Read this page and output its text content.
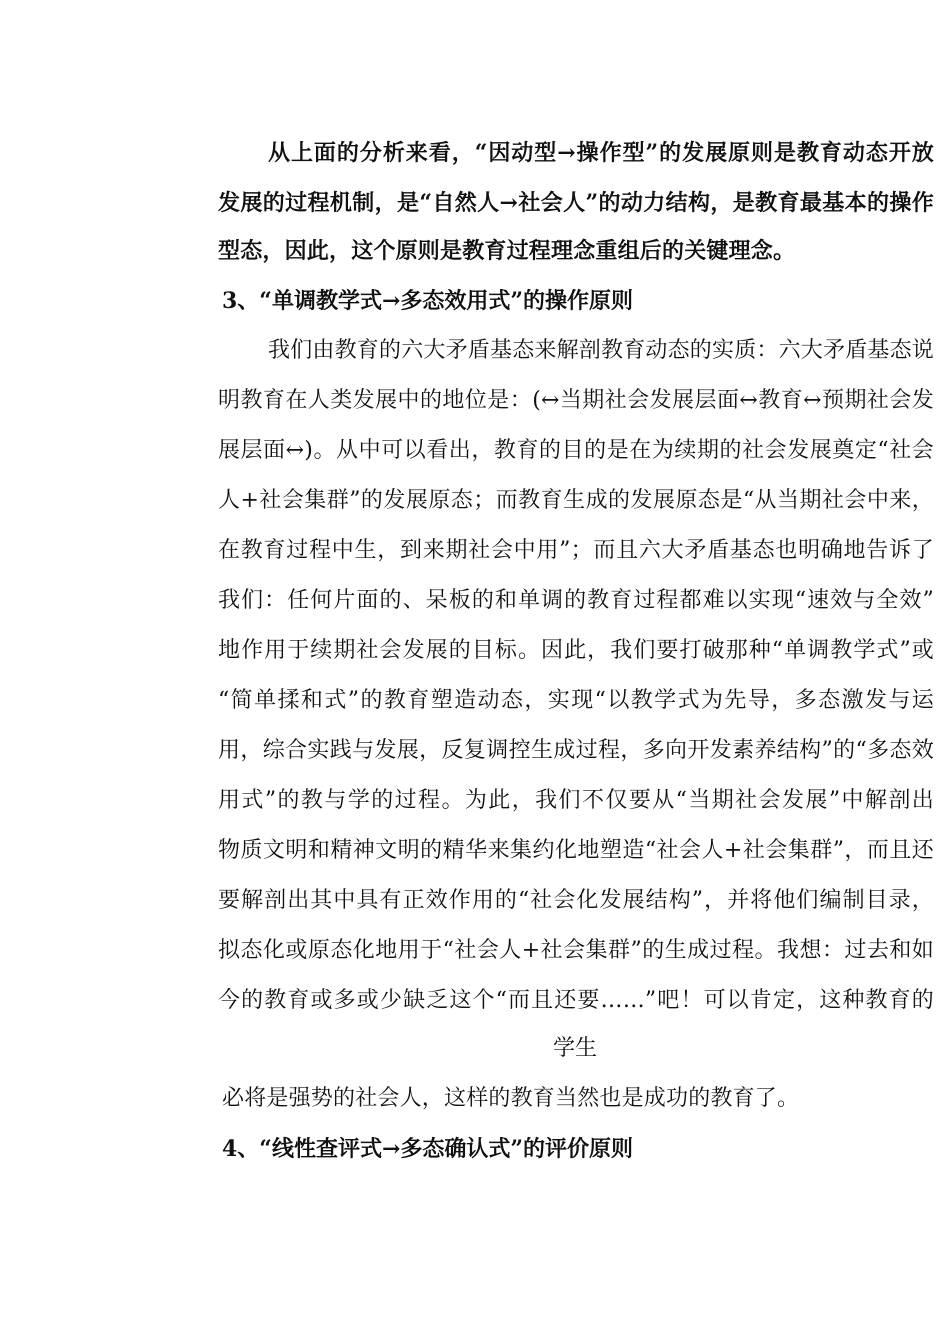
从上面的分析来看，“因动型→操作型”的发展原则是教育动态开放
发展的过程机制，是“自然人→社会人”的动力结构，是教育最基本的操作
型态，因此，这个原则是教育过程理念重组后的关键理念。
3、“单调教学式→多态效用式”的操作原则
我们由教育的六大矛盾基态来解剖教育动态的实质：六大矛盾基态说
明教育在人类发展中的地位是：(↔当期社会发展层面↔教育↔预期社会发
展层面↔)。从中可以看出，教育的目的是在为续期的社会发展奠定“社会
人+社会集群”的发展原态；而教育生成的发展原态是“从当期社会中来，
在教育过程中生，到来期社会中用”；而且六大矛盾基态也明确地告诉了
我们：任何片面的、呆板的和单调的教育过程都难以实现“速效与全效”
地作用于续期社会发展的目标。因此，我们要打破那种“单调教学式”或
“简单揉和式”的教育塑造动态，实现“以教学式为先导，多态激发与运
用，综合实践与发展，反复调控生成过程，多向开发素养结构”的“多态效
用式”的教与学的过程。为此，我们不仅要从“当期社会发展”中解剖出
物质文明和精神文明的精华来集约化地塑造“社会人+社会集群”，而且还
要解剖出其中具有正效作用的“社会化发展结构”，并将他们编制目录，
拟态化或原态化地用于“社会人+社会集群”的生成过程。我想：过去和如
今的教育或多或少缺乏这个“而且还要……”吧！可以肯定，这种教育的
学生
必将是强势的社会人，这样的教育当然也是成功的教育了。
4、“线性查评式→多态确认式”的评价原则
